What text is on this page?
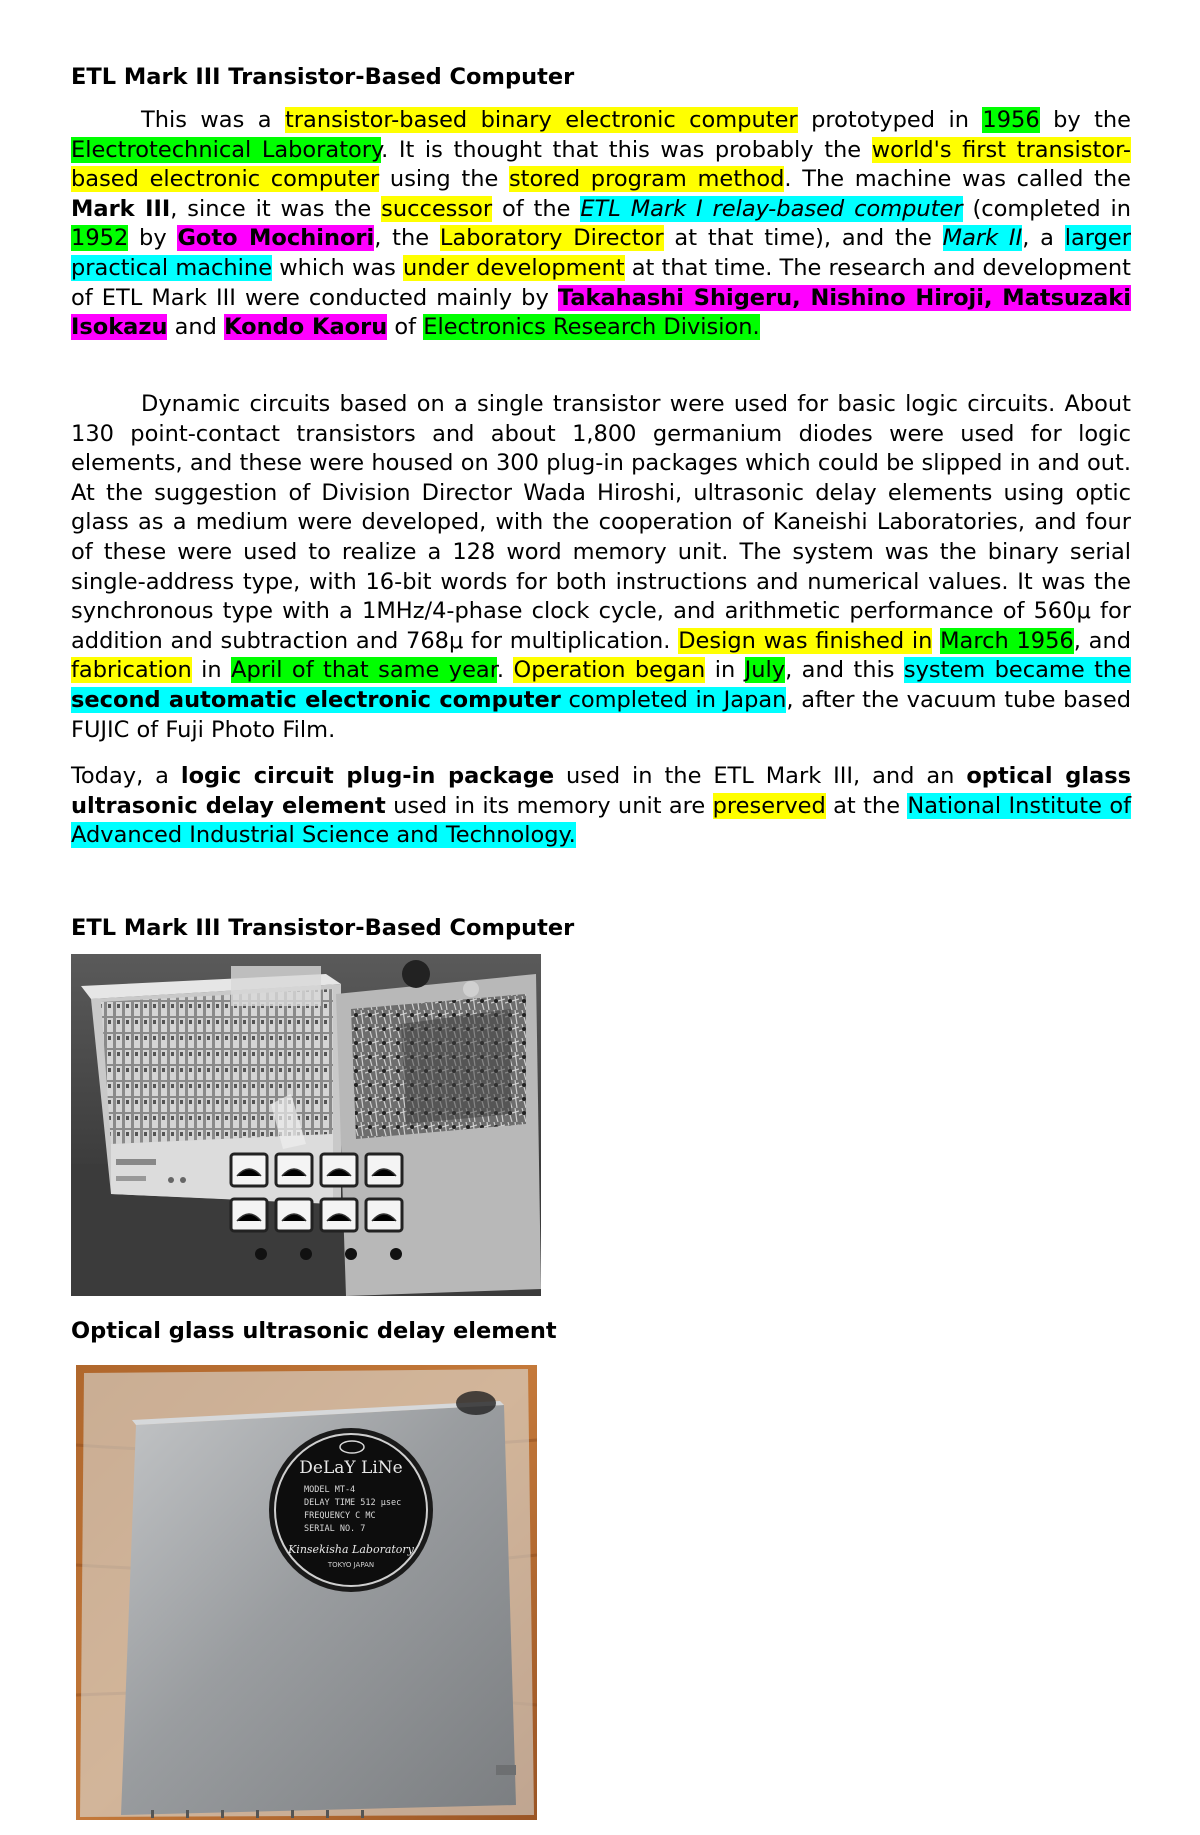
ETL Mark III Transistor-Based Computer

This was a transistor-based binary electronic computer prototyped in 1956 by the Electrotechnical Laboratory. It is thought that this was probably the world's first transistor-based electronic computer using the stored program method. The machine was called the Mark III, since it was the successor of the ETL Mark I relay-based computer (completed in 1952 by Goto Mochinori, the Laboratory Director at that time), and the Mark II, a larger practical machine which was under development at that time. The research and development of ETL Mark III were conducted mainly by Takahashi Shigeru, Nishino Hiroji, Matsuzaki Isokazu and Kondo Kaoru of Electronics Research Division.

Dynamic circuits based on a single transistor were used for basic logic circuits. About 130 point-contact transistors and about 1,800 germanium diodes were used for logic elements, and these were housed on 300 plug-in packages which could be slipped in and out. At the suggestion of Division Director Wada Hiroshi, ultrasonic delay elements using optic glass as a medium were developed, with the cooperation of Kaneishi Laboratories, and four of these were used to realize a 128 word memory unit. The system was the binary serial single-address type, with 16-bit words for both instructions and numerical values. It was the synchronous type with a 1MHz/4-phase clock cycle, and arithmetic performance of 560μ for addition and subtraction and 768μ for multiplication. Design was finished in March 1956, and fabrication in April of that same year. Operation began in July, and this system became the second automatic electronic computer completed in Japan, after the vacuum tube based FUJIC of Fuji Photo Film.

Today, a logic circuit plug-in package used in the ETL Mark III, and an optical glass ultrasonic delay element used in its memory unit are preserved at the National Institute of Advanced Industrial Science and Technology.

ETL Mark III Transistor-Based Computer
Optical glass ultrasonic delay element
DeLaY LiNe
MODEL MT-4
DELAY TIME 512 μsec
FREQUENCY C MC
SERIAL NO. 7
Kinsekisha Laboratory
TOKYO JAPAN
